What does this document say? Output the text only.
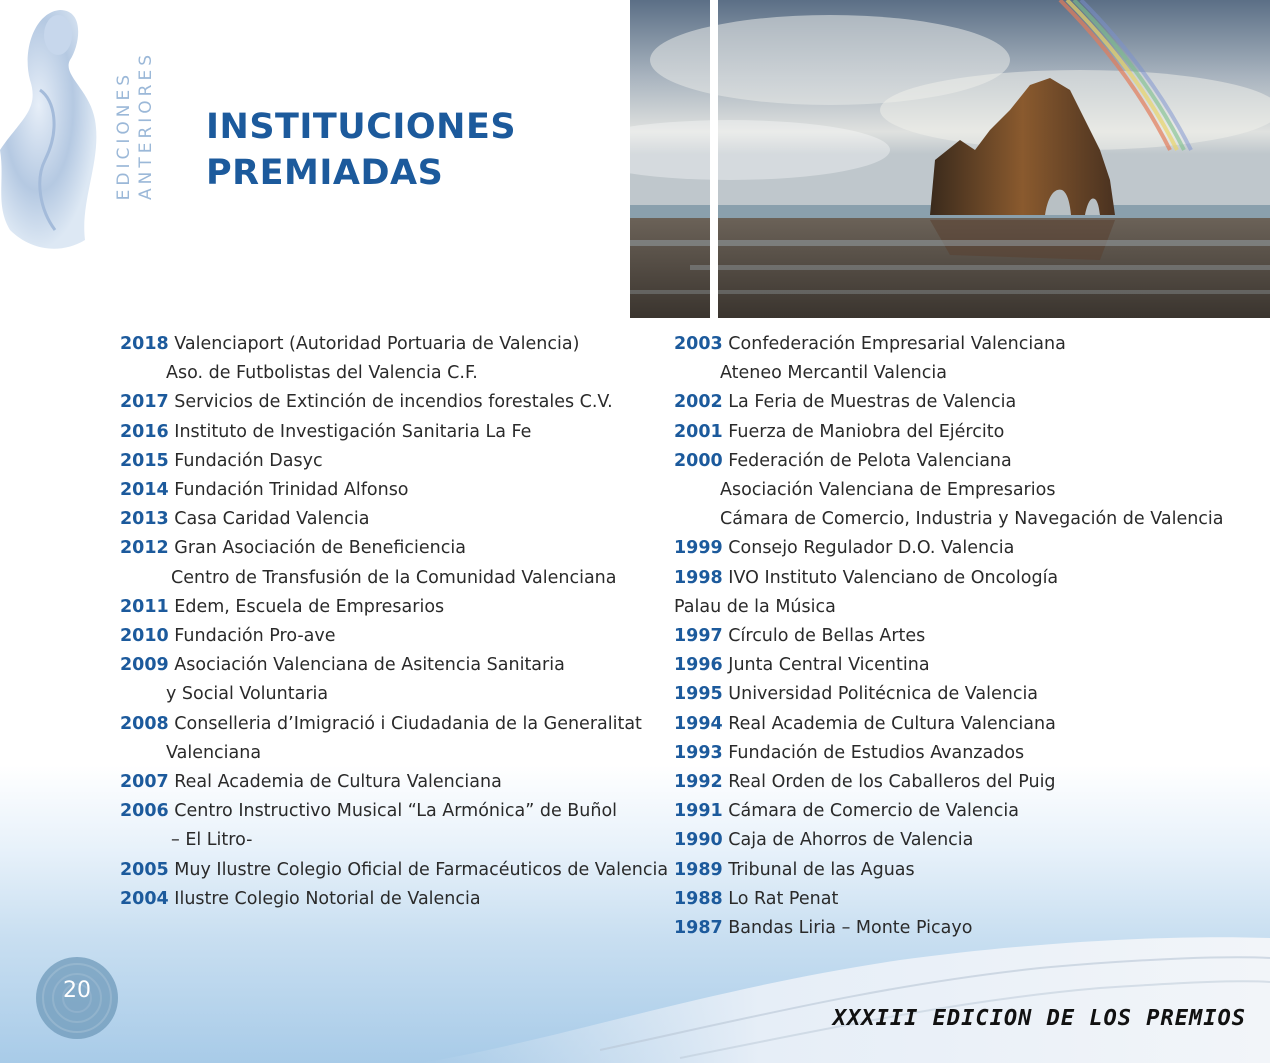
EDICIONES ANTERIORES INSTITUCIONES
PREMIADAS
2018 Valenciaport (Autoridad Portuaria de Valencia)
Aso. de Futbolistas del Valencia C.F.
2017 Servicios de Extinción de incendios forestales C.V.
2016 Instituto de Investigación Sanitaria La Fe
2015 Fundación Dasyc
2014 Fundación Trinidad Alfonso
2013 Casa Caridad Valencia
2012 Gran Asociación de Beneficiencia
Centro de Transfusión de la Comunidad Valenciana
2011 Edem, Escuela de Empresarios
2010 Fundación Pro-ave
2009 Asociación Valenciana de Asitencia Sanitaria
y Social Voluntaria
2008 Conselleria d’Imigració i Ciudadania de la Generalitat
Valenciana
2007 Real Academia de Cultura Valenciana
2006 Centro Instructivo Musical “La Armónica” de Buñol
– El Litro-
2005 Muy Ilustre Colegio Oficial de Farmacéuticos de Valencia
2004 Ilustre Colegio Notorial de Valencia
2003 Confederación Empresarial Valenciana
Ateneo Mercantil Valencia
2002 La Feria de Muestras de Valencia
2001 Fuerza de Maniobra del Ejército
2000 Federación de Pelota Valenciana
Asociación Valenciana de Empresarios
Cámara de Comercio, Industria y Navegación de Valencia
1999 Consejo Regulador D.O. Valencia
1998 IVO Instituto Valenciano de Oncología
Palau de la Música
1997 Círculo de Bellas Artes
1996 Junta Central Vicentina
1995 Universidad Politécnica de Valencia
1994 Real Academia de Cultura Valenciana
1993 Fundación de Estudios Avanzados
1992 Real Orden de los Caballeros del Puig
1991 Cámara de Comercio de Valencia
1990 Caja de Ahorros de Valencia
1989 Tribunal de las Aguas
1988 Lo Rat Penat
1987 Bandas Liria – Monte Picayo
20
XXXIII EDICION DE LOS PREMIOS
